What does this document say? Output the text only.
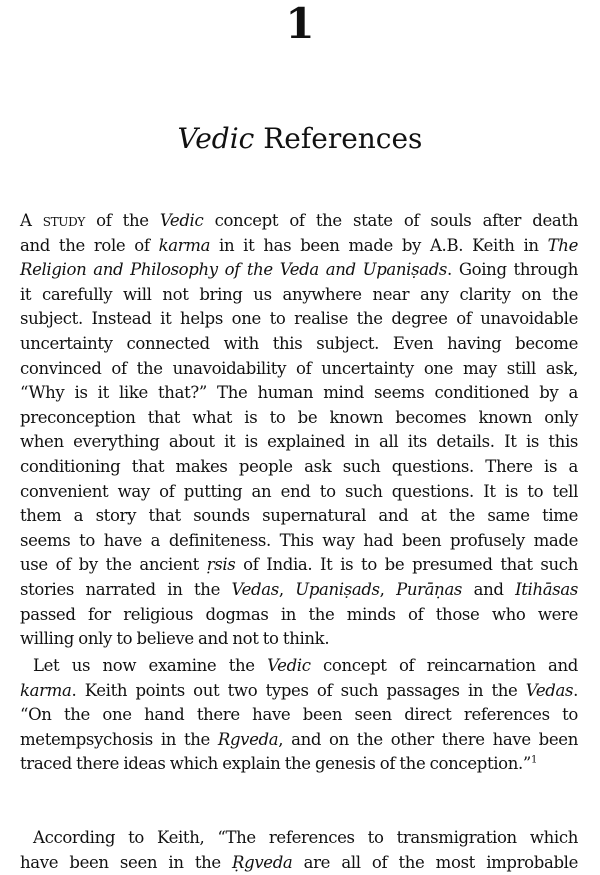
1
Vedic References
A study of the Vedic concept of the state of souls after death
and the role of karma in it has been made by A.B. Keith in The
Religion and Philosophy of the Veda and Upaniṣads. Going through
it carefully will not bring us anywhere near any clarity on the
subject. Instead it helps one to realise the degree of unavoidable
uncertainty connected with this subject. Even having become
convinced of the unavoidability of uncertainty one may still ask,
“Why is it like that?” The human mind seems conditioned by a
preconception that what is to be known becomes known only
when everything about it is explained in all its details. It is this
conditioning that makes people ask such questions. There is a
convenient way of putting an end to such questions. It is to tell
them a story that sounds supernatural and at the same time
seems to have a definiteness. This way had been profusely made
use of by the ancient ṛsis of India. It is to be presumed that such
stories narrated in the Vedas, Upaniṣads, Purāṇas and Itihāsas
passed for religious dogmas in the minds of those who were
willing only to believe and not to think.
Let us now examine the Vedic concept of reincarnation and
karma. Keith points out two types of such passages in the Vedas.
“On the one hand there have been seen direct references to
metempsychosis in the Rgveda, and on the other there have been
traced there ideas which explain the genesis of the conception.”$^1$
According to Keith, “The references to transmigration which
have been seen in the Ṛgveda are all of the most improbable
